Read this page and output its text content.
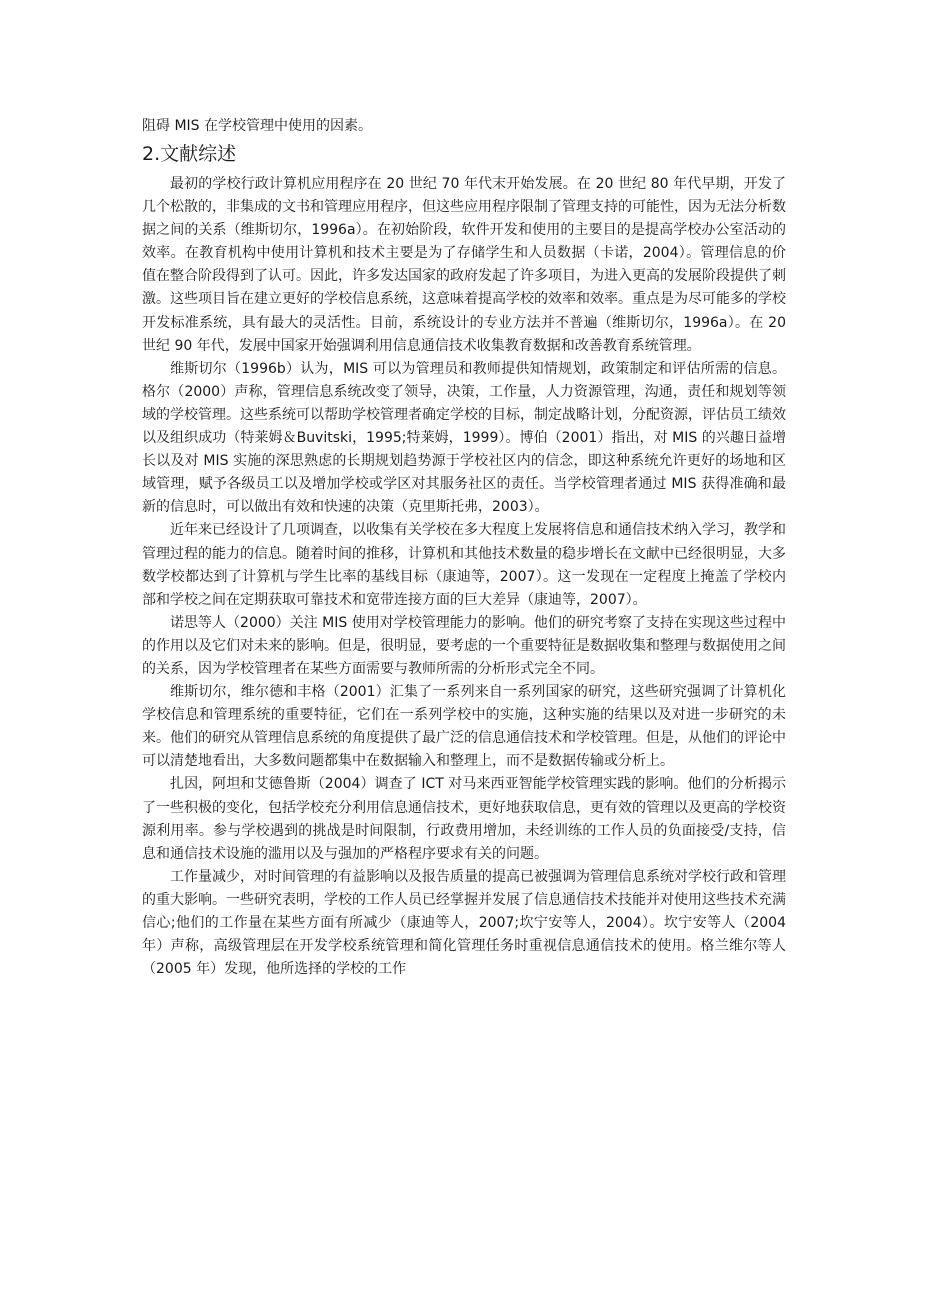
阻碍 MIS 在学校管理中使用的因素。
2.文献综述

最初的学校行政计算机应用程序在 20 世纪 70 年代末开始发展。在 20 世纪 80 年代早期，开发了几个松散的，非集成的文书和管理应用程序，但这些应用程序限制了管理支持的可能性，因为无法分析数据之间的关系（维斯切尔，1996a）。在初始阶段，软件开发和使用的主要目的是提高学校办公室活动的效率。在教育机构中使用计算机和技术主要是为了存储学生和人员数据（卡诺，2004）。管理信息的价值在整合阶段得到了认可。因此，许多发达国家的政府发起了许多项目，为进入更高的发展阶段提供了刺激。这些项目旨在建立更好的学校信息系统，这意味着提高学校的效率和效率。重点是为尽可能多的学校开发标准系统，具有最大的灵活性。目前，系统设计的专业方法并不普遍（维斯切尔，1996a）。在 20 世纪 90 年代，发展中国家开始强调利用信息通信技术收集教育数据和改善教育系统管理。

维斯切尔（1996b）认为，MIS 可以为管理员和教师提供知情规划，政策制定和评估所需的信息。格尔（2000）声称，管理信息系统改变了领导，决策，工作量，人力资源管理，沟通，责任和规划等领域的学校管理。这些系统可以帮助学校管理者确定学校的目标，制定战略计划，分配资源，评估员工绩效以及组织成功（特莱姆＆Buvitski，1995;特莱姆，1999）。博伯（2001）指出，对 MIS 的兴趣日益增长以及对 MIS 实施的深思熟虑的长期规划趋势源于学校社区内的信念，即这种系统允许更好的场地和区域管理，赋予各级员工以及增加学校或学区对其服务社区的责任。当学校管理者通过 MIS 获得准确和最新的信息时，可以做出有效和快速的决策（克里斯托弗，2003）。

近年来已经设计了几项调查，以收集有关学校在多大程度上发展将信息和通信技术纳入学习，教学和管理过程的能力的信息。随着时间的推移，计算机和其他技术数量的稳步增长在文献中已经很明显，大多数学校都达到了计算机与学生比率的基线目标（康迪等，2007）。这一发现在一定程度上掩盖了学校内部和学校之间在定期获取可靠技术和宽带连接方面的巨大差异（康迪等，2007）。

诺思等人（2000）关注 MIS 使用对学校管理能力的影响。他们的研究考察了支持在实现这些过程中的作用以及它们对未来的影响。但是，很明显，要考虑的一个重要特征是数据收集和整理与数据使用之间的关系，因为学校管理者在某些方面需要与教师所需的分析形式完全不同。

维斯切尔，维尔德和丰格（2001）汇集了一系列来自一系列国家的研究，这些研究强调了计算机化学校信息和管理系统的重要特征，它们在一系列学校中的实施，这种实施的结果以及对进一步研究的未来。他们的研究从管理信息系统的角度提供了最广泛的信息通信技术和学校管理。但是，从他们的评论中可以清楚地看出，大多数问题都集中在数据输入和整理上，而不是数据传输或分析上。

扎因，阿坦和艾德鲁斯（2004）调查了 ICT 对马来西亚智能学校管理实践的影响。他们的分析揭示了一些积极的变化，包括学校充分利用信息通信技术，更好地获取信息，更有效的管理以及更高的学校资源利用率。参与学校遇到的挑战是时间限制，行政费用增加，未经训练的工作人员的负面接受/支持，信息和通信技术设施的滥用以及与强加的严格程序要求有关的问题。

工作量减少，对时间管理的有益影响以及报告质量的提高已被强调为管理信息系统对学校行政和管理的重大影响。一些研究表明，学校的工作人员已经掌握并发展了信息通信技术技能并对使用这些技术充满信心;他们的工作量在某些方面有所减少（康迪等人，2007;坎宁安等人，2004）。坎宁安等人（2004 年）声称，高级管理层在开发学校系统管理和简化管理任务时重视信息通信技术的使用。格兰维尔等人（2005 年）发现，他所选择的学校的工作
